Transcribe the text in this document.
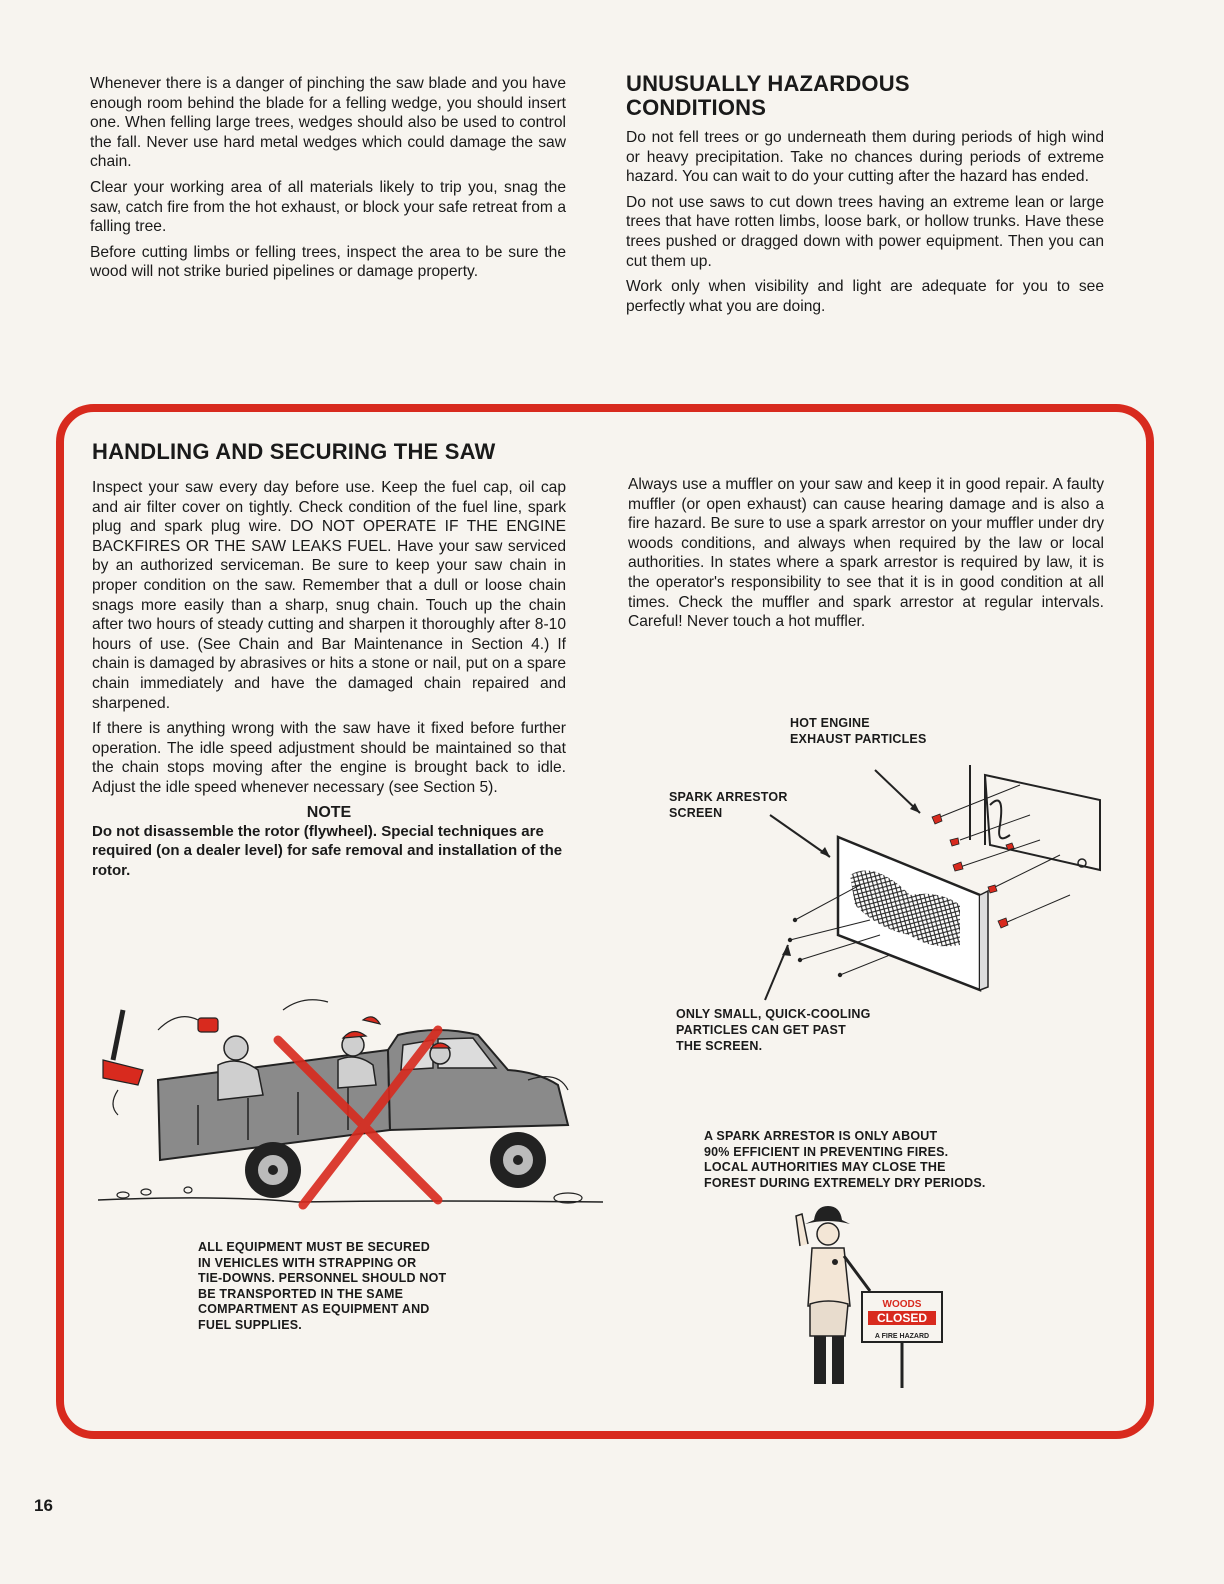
Whenever there is a danger of pinching the saw blade and you have enough room behind the blade for a felling wedge, you should insert one. When felling large trees, wedges should also be used to control the fall. Never use hard metal wedges which could damage the saw chain.

Clear your working area of all materials likely to trip you, snag the saw, catch fire from the hot exhaust, or block your safe retreat from a falling tree.

Before cutting limbs or felling trees, inspect the area to be sure the wood will not strike buried pipelines or damage property.

UNUSUALLY HAZARDOUS CONDITIONS

Do not fell trees or go underneath them during periods of high wind or heavy precipitation. Take no chances during periods of extreme hazard. You can wait to do your cutting after the hazard has ended.

Do not use saws to cut down trees having an extreme lean or large trees that have rotten limbs, loose bark, or hollow trunks. Have these trees pushed or dragged down with power equipment. Then you can cut them up.

Work only when visibility and light are adequate for you to see perfectly what you are doing.

HANDLING AND SECURING THE SAW

Inspect your saw every day before use. Keep the fuel cap, oil cap and air filter cover on tightly. Check condition of the fuel line, spark plug and spark plug wire. DO NOT OPERATE IF THE ENGINE BACKFIRES OR THE SAW LEAKS FUEL. Have your saw serviced by an authorized serviceman. Be sure to keep your saw chain in proper condition on the saw. Remember that a dull or loose chain snags more easily than a sharp, snug chain. Touch up the chain after two hours of steady cutting and sharpen it thoroughly after 8-10 hours of use. (See Chain and Bar Maintenance in Section 4.) If chain is damaged by abrasives or hits a stone or nail, put on a spare chain immediately and have the damaged chain repaired and sharpened.

If there is anything wrong with the saw have it fixed before further operation. The idle speed adjustment should be maintained so that the chain stops moving after the engine is brought back to idle. Adjust the idle speed whenever necessary (see Section 5).

NOTE

Do not disassemble the rotor (flywheel). Special techniques are required (on a dealer level) for safe removal and installation of the rotor.

Always use a muffler on your saw and keep it in good repair. A faulty muffler (or open exhaust) can cause hearing damage and is also a fire hazard. Be sure to use a spark arrestor on your muffler under dry woods conditions, and always when required by the law or local authorities. In states where a spark arrestor is required by law, it is the operator's responsibility to see that it is in good condition at all times. Check the muffler and spark arrestor at regular intervals. Careful! Never touch a hot muffler.

HOT ENGINE
EXHAUST PARTICLES
SPARK ARRESTOR
SCREEN
ONLY SMALL, QUICK-COOLING
PARTICLES CAN GET PAST
THE SCREEN.
ALL EQUIPMENT MUST BE SECURED
IN VEHICLES WITH STRAPPING OR
TIE-DOWNS. PERSONNEL SHOULD NOT
BE TRANSPORTED IN THE SAME
COMPARTMENT AS EQUIPMENT AND
FUEL SUPPLIES.
A SPARK ARRESTOR IS ONLY ABOUT
90% EFFICIENT IN PREVENTING FIRES.
LOCAL AUTHORITIES MAY CLOSE THE
FOREST DURING EXTREMELY DRY PERIODS.
WOODS
CLOSED
A FIRE HAZARD
16
